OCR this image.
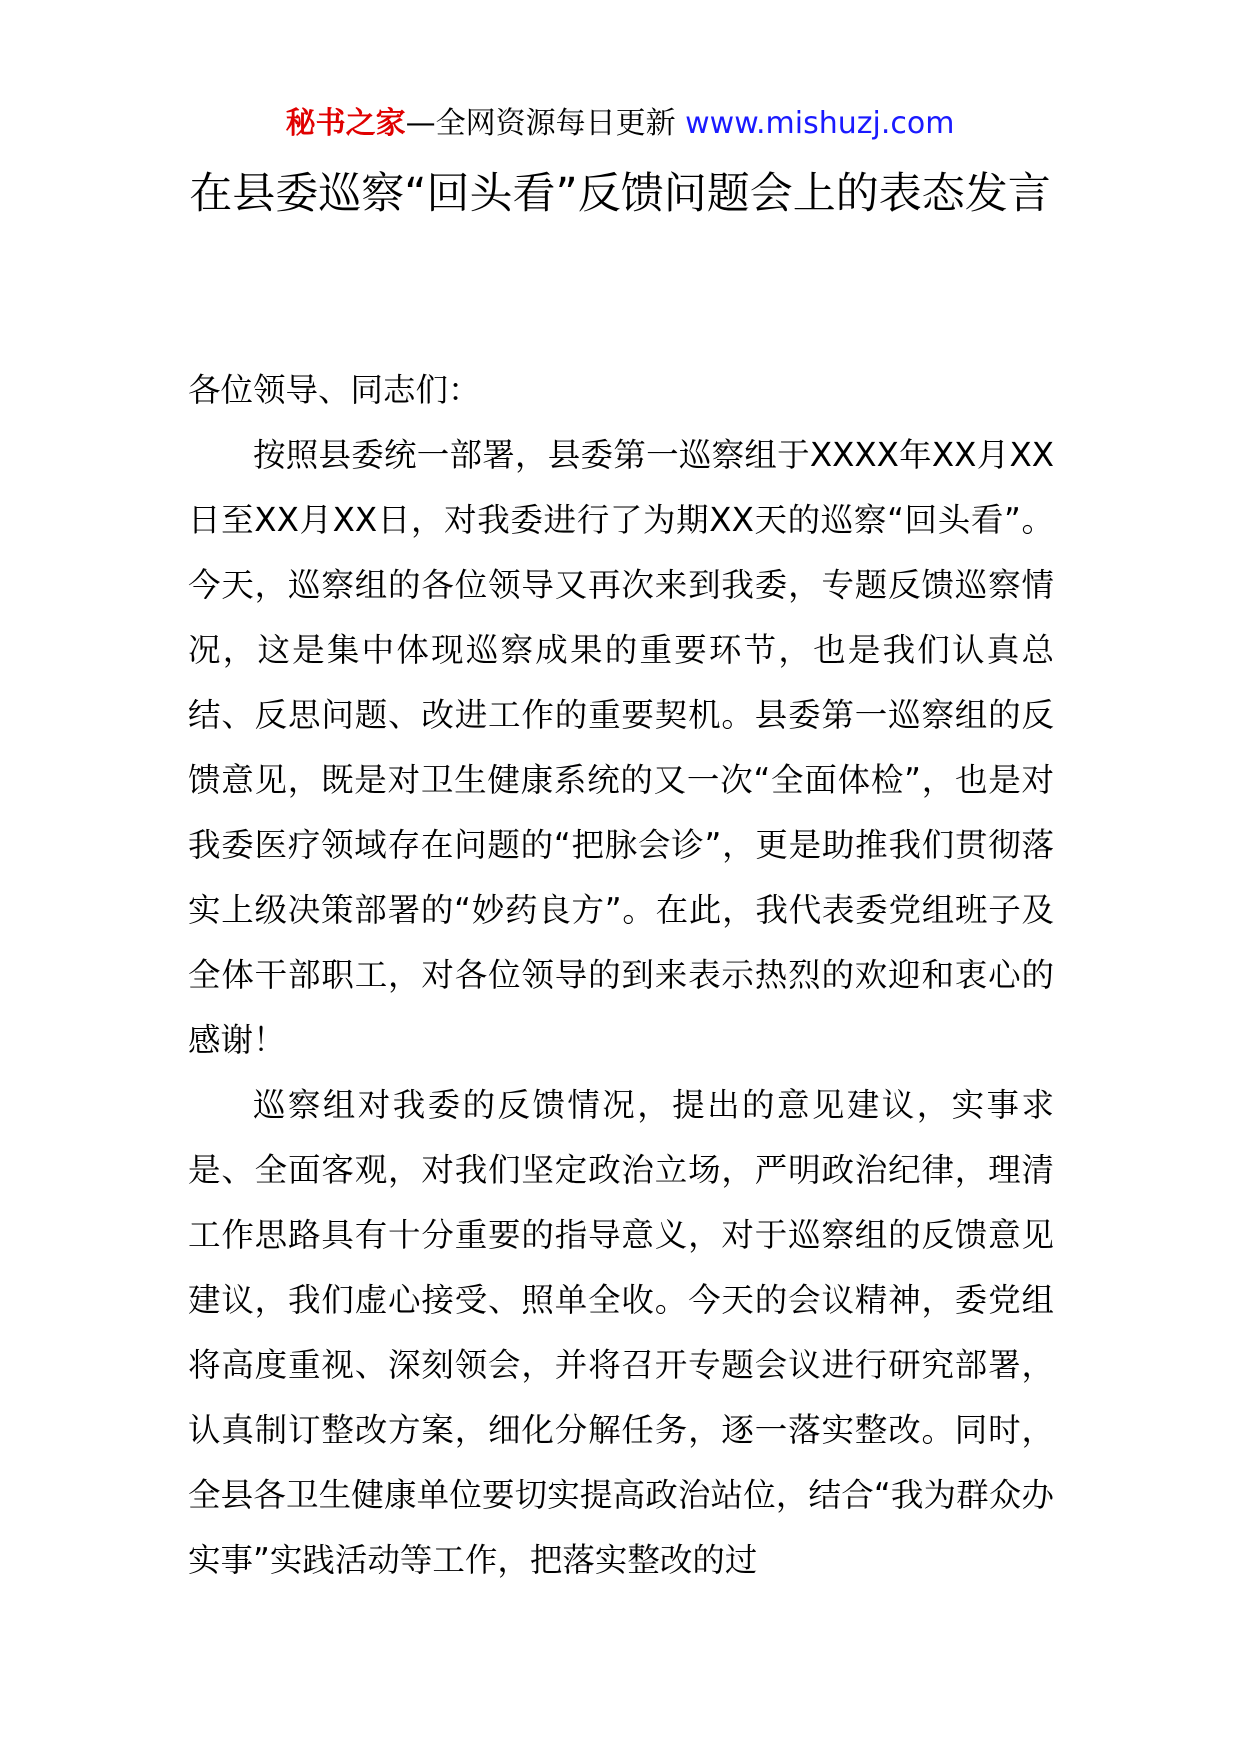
秘书之家—全网资源每日更新 www.mishuzj.com
在县委巡察“回头看”反馈问题会上的表态发言

各位领导、同志们：

按照县委统一部署，县委第一巡察组于XXXX年XX月XX日至XX月XX日，对我委进行了为期XX天的巡察“回头看”。今天，巡察组的各位领导又再次来到我委，专题反馈巡察情况，这是集中体现巡察成果的重要环节，也是我们认真总结、反思问题、改进工作的重要契机。县委第一巡察组的反馈意见，既是对卫生健康系统的又一次“全面体检”，也是对我委医疗领域存在问题的“把脉会诊”，更是助推我们贯彻落实上级决策部署的“妙药良方”。在此，我代表委党组班子及全体干部职工，对各位领导的到来表示热烈的欢迎和衷心的感谢！

巡察组对我委的反馈情况，提出的意见建议，实事求是、全面客观，对我们坚定政治立场，严明政治纪律，理清工作思路具有十分重要的指导意义，对于巡察组的反馈意见建议，我们虚心接受、照单全收。今天的会议精神，委党组将高度重视、深刻领会，并将召开专题会议进行研究部署，认真制订整改方案，细化分解任务，逐一落实整改。同时，全县各卫生健康单位要切实提高政治站位，结合“我为群众办实事”实践活动等工作，把落实整改的过
